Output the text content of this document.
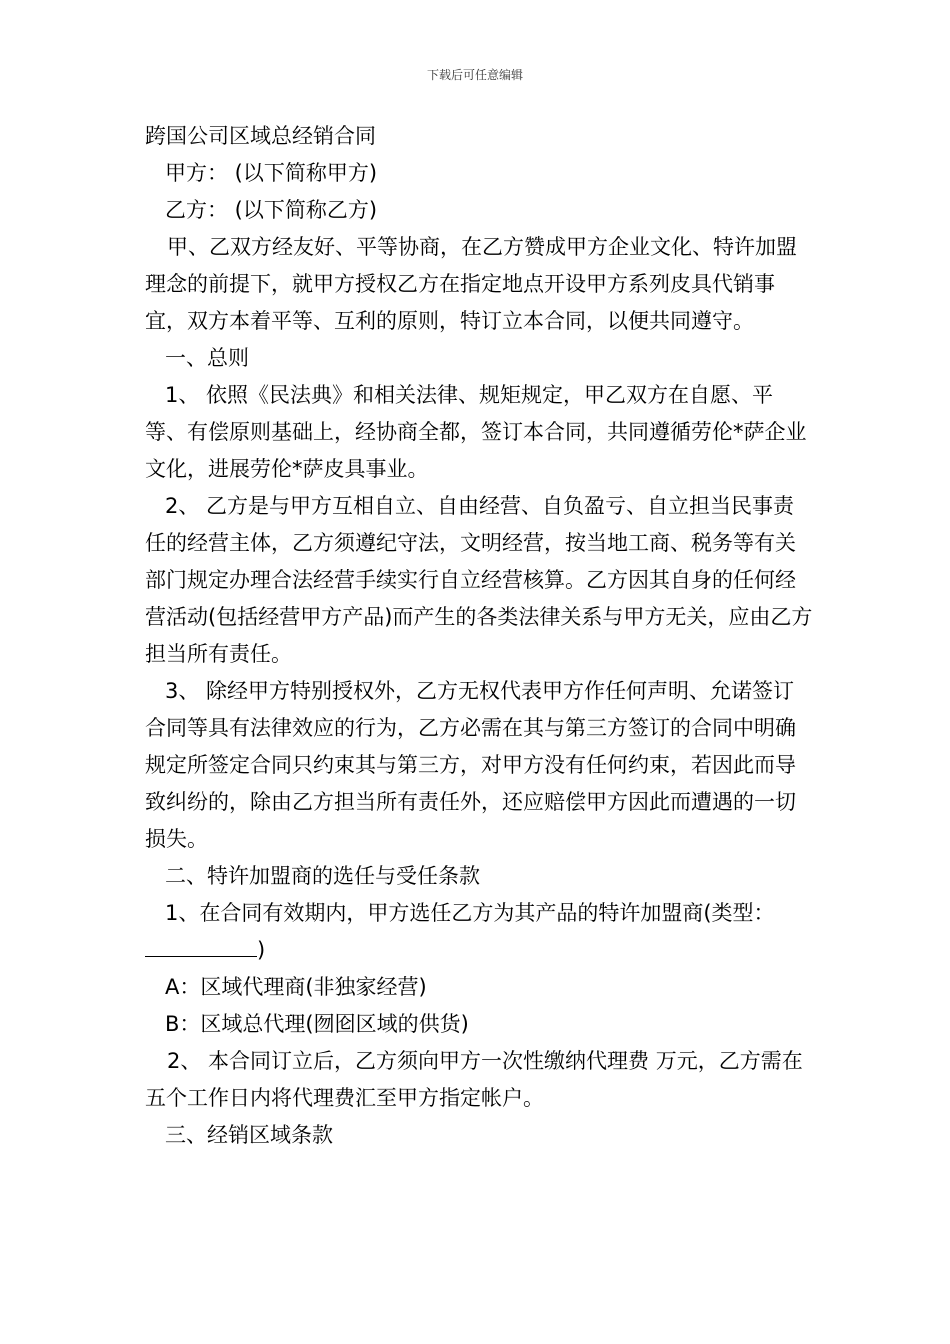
下载后可任意编辑

跨国公司区域总经销合同

甲方： (以下简称甲方)

乙方： (以下简称乙方)

甲、乙双方经友好、平等协商，在乙方赞成甲方企业文化、特许加盟理念的前提下，就甲方授权乙方在指定地点开设甲方系列皮具代销事宜，双方本着平等、互利的原则，特订立本合同，以便共同遵守。

一、总则

1、 依照《民法典》和相关法律、规矩规定，甲乙双方在自愿、平等、有偿原则基础上，经协商全都，签订本合同，共同遵循劳伦*萨企业文化，进展劳伦*萨皮具事业。

2、 乙方是与甲方互相自立、自由经营、自负盈亏、自立担当民事责任的经营主体，乙方须遵纪守法，文明经营，按当地工商、税务等有关部门规定办理合法经营手续实行自立经营核算。乙方因其自身的任何经营活动(包括经营甲方产品)而产生的各类法律关系与甲方无关，应由乙方担当所有责任。

3、 除经甲方特别授权外，乙方无权代表甲方作任何声明、允诺签订合同等具有法律效应的行为，乙方必需在其与第三方签订的合同中明确规定所签定合同只约束其与第三方，对甲方没有任何约束，若因此而导致纠纷的，除由乙方担当所有责任外，还应赔偿甲方因此而遭遇的一切损失。

二、特许加盟商的选任与受任条款

1、在合同有效期内，甲方选任乙方为其产品的特许加盟商(类型：
)

A：区域代理商(非独家经营)

B：区域总代理(囫囵区域的供货)

2、 本合同订立后，乙方须向甲方一次性缴纳代理费 万元，乙方需在五个工作日内将代理费汇至甲方指定帐户。

三、经销区域条款
